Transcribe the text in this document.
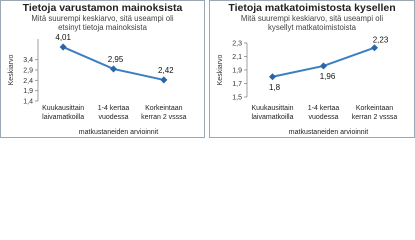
Tietoja varustamon mainoksista
Mitä suurempi keskiarvo, sitä useampi oli
etsinyt tietoja mainoksista
3,4
2,9
2,4
1,9
1,4
Keskiarvo
Kuukausittain
laivamatkoilla
1-4 kertaa
vuodessa
Korkeintaan
kerran 2 vsssa
matkustaneiden arvioinnit
4,01
2,95
2,42
Tietoja matkatoimistosta kysellen
Mitä suurempi keskiarvo, sitä useampi oli
kysellyt matkatoimistoista
2,3
2,1
1,9
1,7
1,5
Keskiarvo
Kuukausittain
laivamatkoilla
1-4 kertaa
vuodessa
Korkeintaan
kerran 2 vsssa
matkustaneiden arvioinnit
1,8
1,96
2,23
